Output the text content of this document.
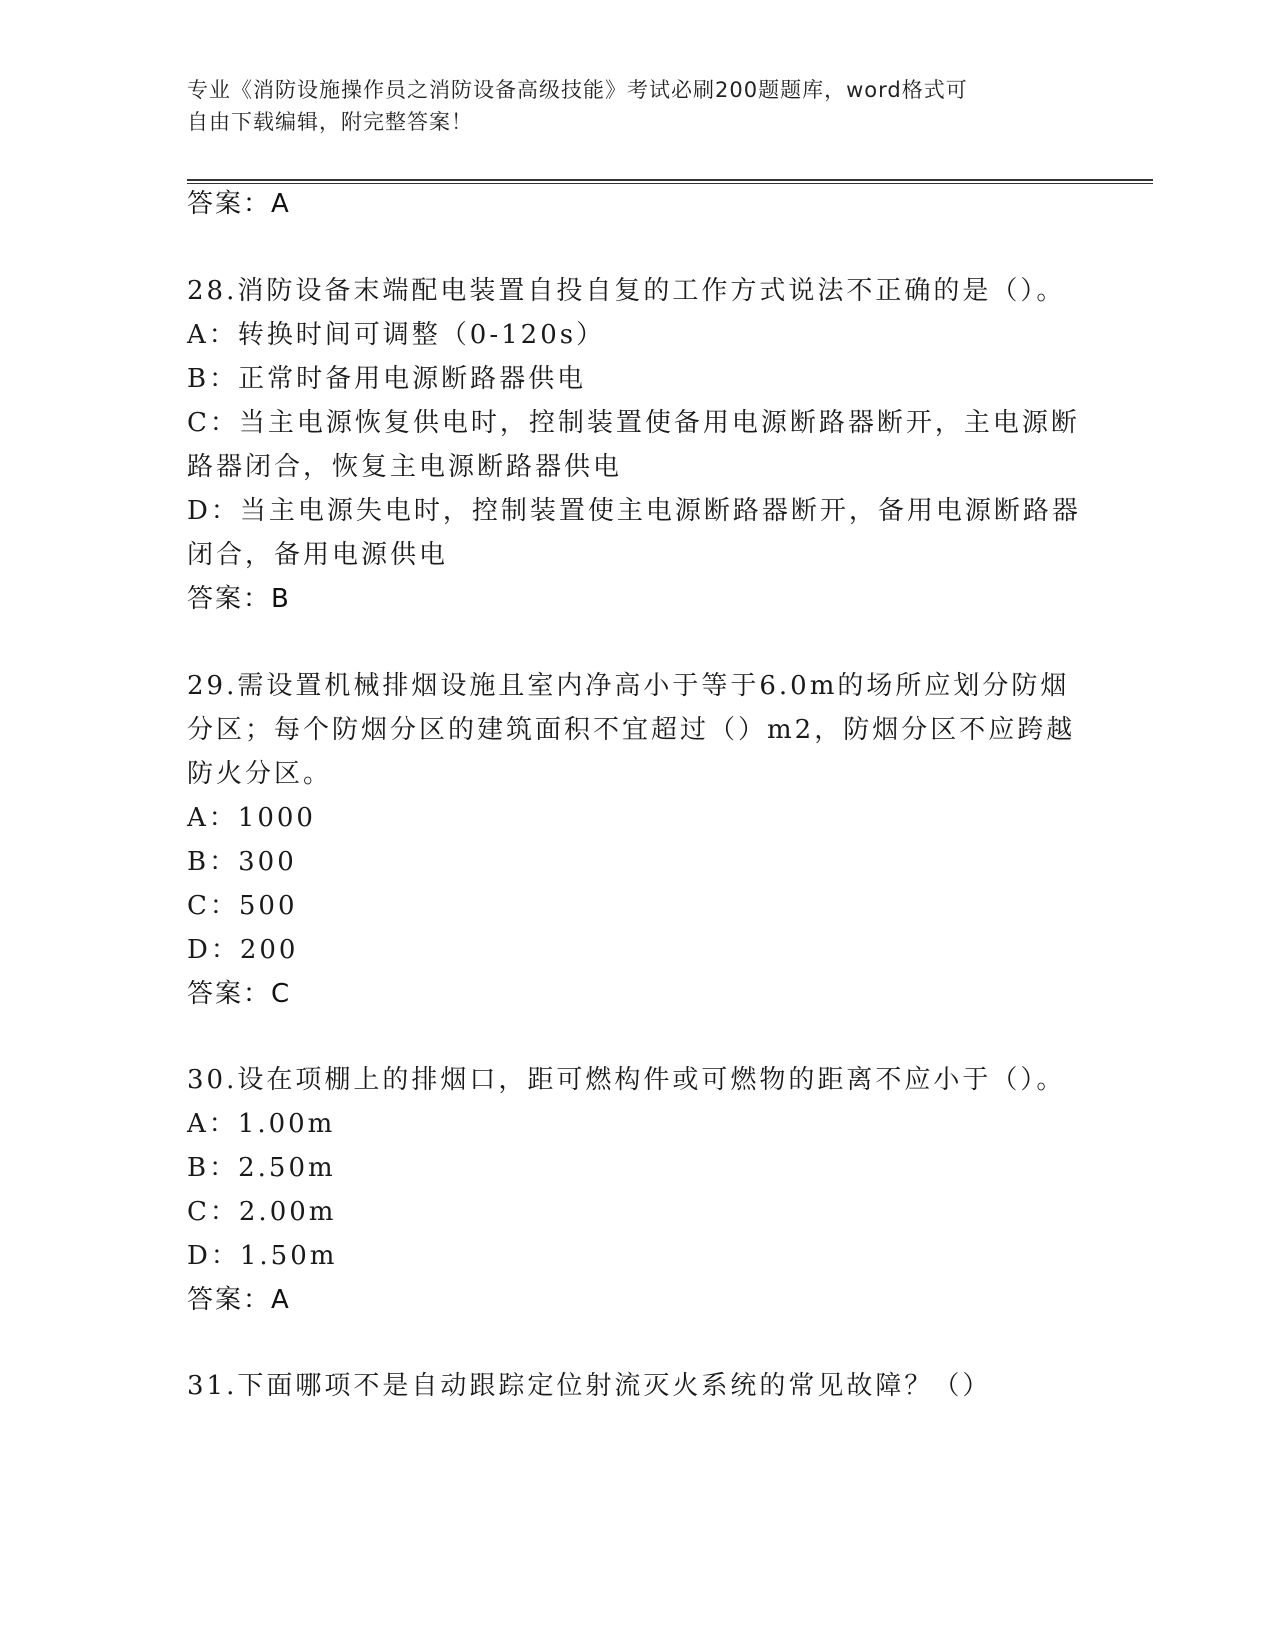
专业《消防设施操作员之消防设备高级技能》考试必刷200题题库，word格式可
自由下载编辑，附完整答案！
答案：A
28.消防设备末端配电装置自投自复的工作方式说法不正确的是（）。
A：转换时间可调整（0-120s）
B：正常时备用电源断路器供电
C：当主电源恢复供电时，控制装置使备用电源断路器断开，主电源断
路器闭合，恢复主电源断路器供电
D：当主电源失电时，控制装置使主电源断路器断开，备用电源断路器
闭合，备用电源供电
答案：B
29.需设置机械排烟设施且室内净高小于等于6.0m的场所应划分防烟
分区；每个防烟分区的建筑面积不宜超过（）m2，防烟分区不应跨越
防火分区。
A：1000
B：300
C：500
D：200
答案：C
30.设在项棚上的排烟口，距可燃构件或可燃物的距离不应小于（）。
A：1.00m
B：2.50m
C：2.00m
D：1.50m
答案：A
31.下面哪项不是自动跟踪定位射流灭火系统的常见故障？（）
